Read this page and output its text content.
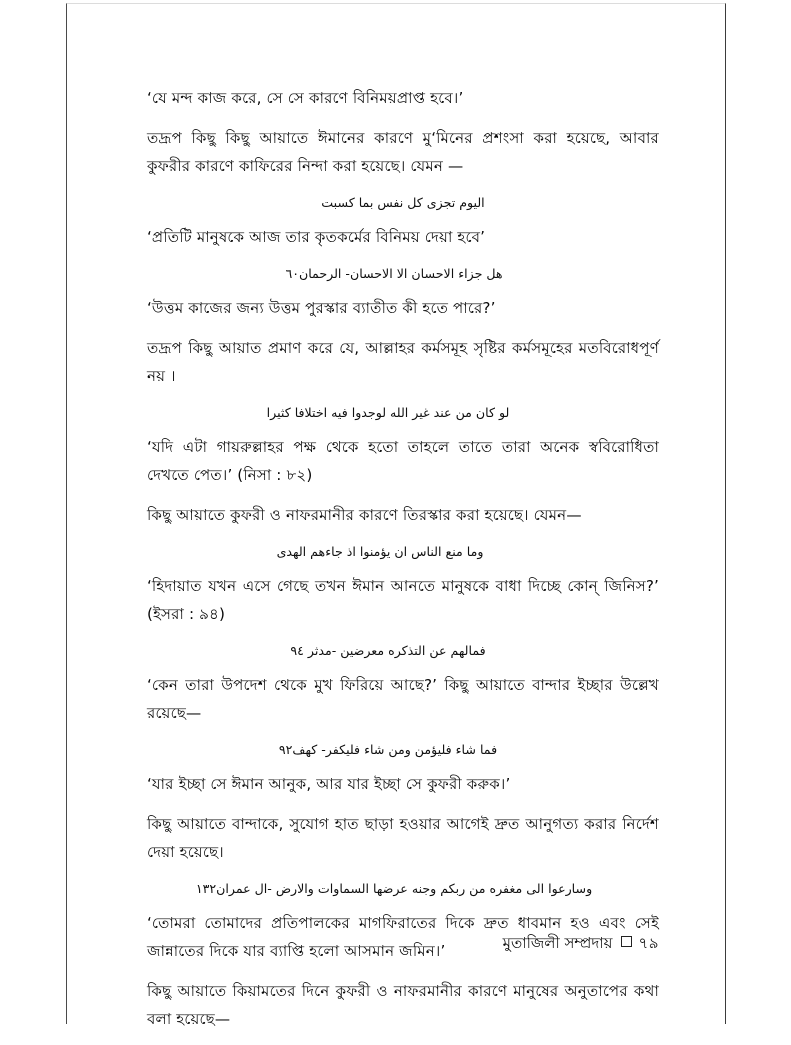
‘যে মন্দ কাজ করে, সে সে কারণে বিনিময়প্রাপ্ত হবে।’

তদ্রূপ কিছু কিছু আয়াতে ঈমানের কারণে মু‘মিনের প্রশংসা করা হয়েছে, আবার কুফরীর কারণে কাফিরের নিন্দা করা হয়েছে। যেমন —

اليوم تجزى كل نفس بما كسبت

‘প্রতিটি মানুষকে আজ তার কৃতকর্মের বিনিময় দেয়া হবে’

هل جزاء الاحسان الا الاحسان- الرحمان٦٠

‘উত্তম কাজের জন্য উত্তম পুরস্কার ব্যাতীত কী হতে পারে?’

তদ্রূপ কিছু আয়াত প্রমাণ করে যে, আল্লাহর কর্মসমূহ সৃষ্টির কর্মসমূহের মতবিরোধপূর্ণ নয় ।

لو كان من عند غير الله لوجدوا فيه اختلافا كثيرا

‘যদি এটা গায়রুল্লাহর পক্ষ থেকে হতো তাহলে তাতে তারা অনেক স্ববিরোধিতা দেখতে পেত।’ (নিসা : ৮২)

কিছু আয়াতে কুফরী ও নাফরমানীর কারণে তিরস্কার করা হয়েছে। যেমন—

وما منع الناس ان يؤمنوا اذ جاءهم الهدى

‘হিদায়াত যখন এসে গেছে তখন ঈমান আনতে মানুষকে বাধা দিচ্ছে কোন্ জিনিস?’ (ইসরা : ৯৪)

فمالهم عن التذكره معرضين -مدثر ٩٤

‘কেন তারা উপদেশ থেকে মুখ ফিরিয়ে আছে?’ কিছু আয়াতে বান্দার ইচ্ছার উল্লেখ রয়েছে—

فما شاء فليؤمن ومن شاء فليكفر- كهف٩٢

‘যার ইচ্ছা সে ঈমান আনুক, আর যার ইচ্ছা সে কুফরী করুক।’

কিছু আয়াতে বান্দাকে, সুযোগ হাত ছাড়া হওয়ার আগেই দ্রুত আনুগত্য করার নির্দেশ দেয়া হয়েছে।

وسارعوا الى مغفره من ربكم وجنه عرضها السماوات والارض -ال عمران١٣٢

‘তোমরা তোমাদের প্রতিপালকের মাগফিরাতের দিকে দ্রুত ধাবমান হও এবং সেই জান্নাতের দিকে যার ব্যাপ্তি হলো আসমান জমিন।’

কিছু আয়াতে কিয়ামতের দিনে কুফরী ও নাফরমানীর কারণে মানুষের অনুতাপের কথা বলা হয়েছে—

মুতাজিলী সম্প্রদায় ৭৯
